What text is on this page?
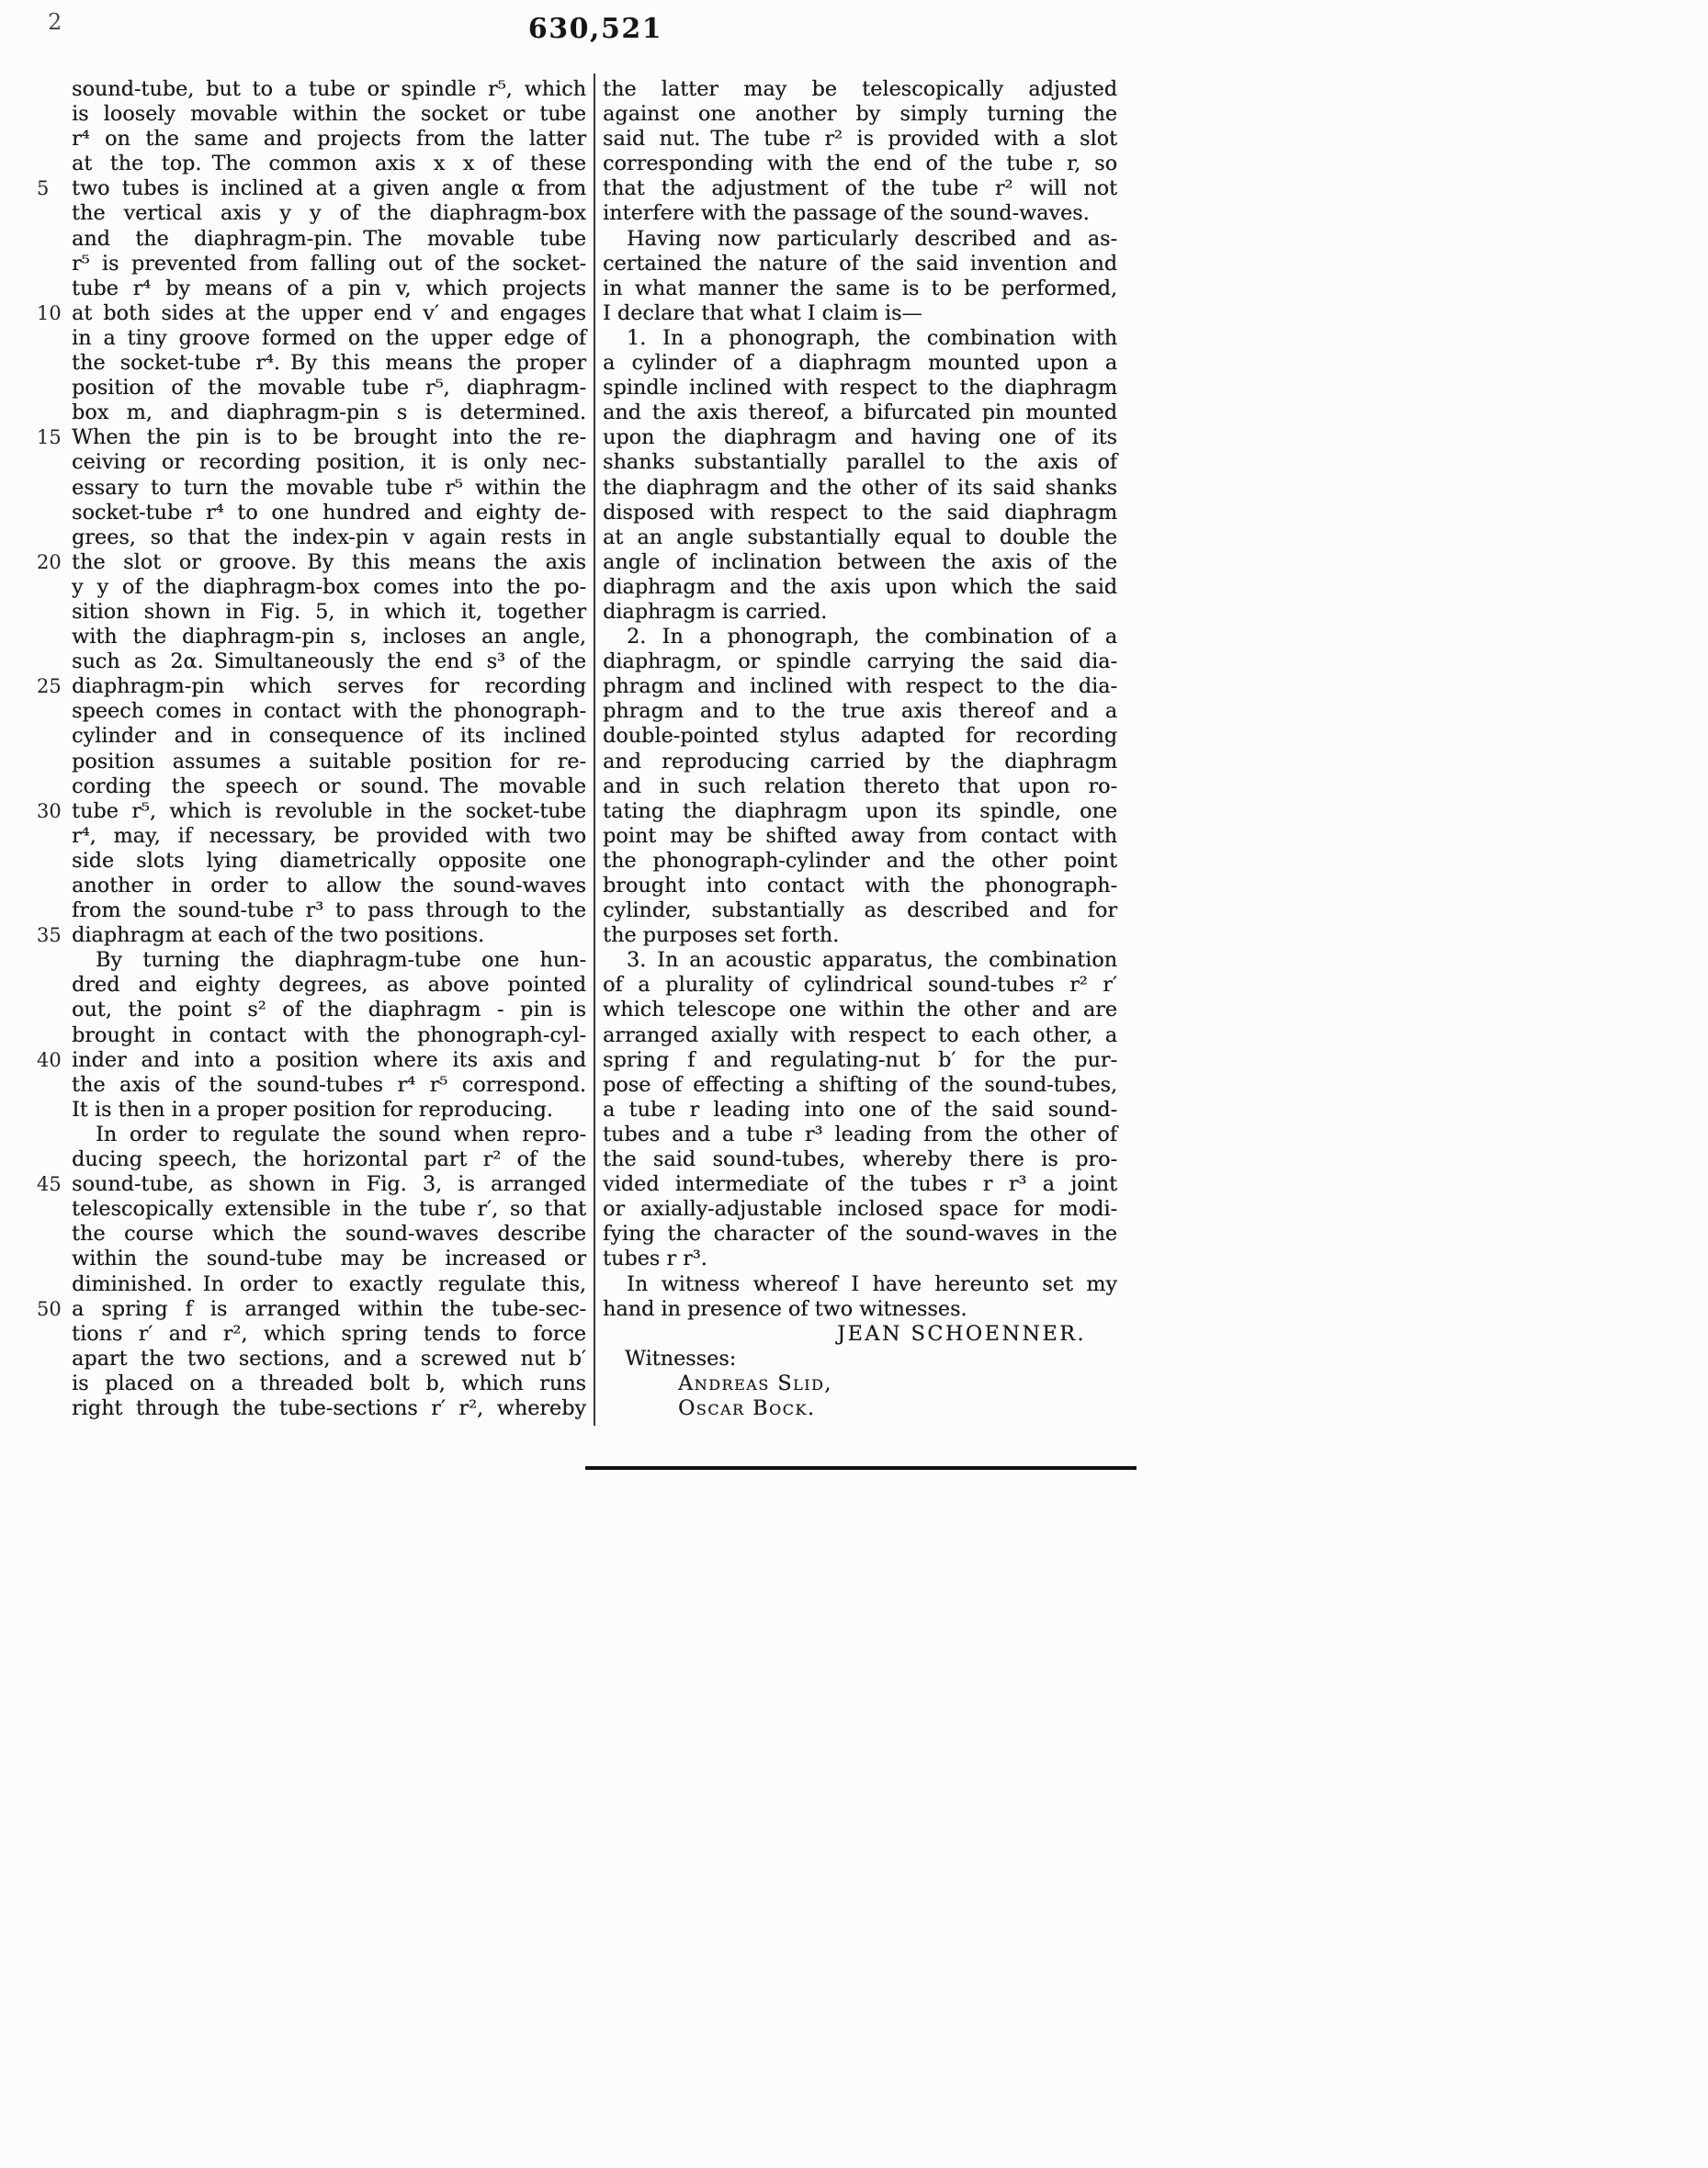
2	630,521
sound-tube, but to a tube or spindle r⁵, which
is loosely movable within the socket or tube
r⁴ on the same and projects from the latter
at the top. The common axis x x of these
5	two tubes is inclined at a given angle α from
the vertical axis y y of the diaphragm-box
and the diaphragm-pin. The movable tube
r⁵ is prevented from falling out of the socket-
tube r⁴ by means of a pin v, which projects
10 at both sides at the upper end v′ and engages
in a tiny groove formed on the upper edge of
the socket-tube r⁴. By this means the proper
position of the movable tube r⁵, diaphragm-
box m, and diaphragm-pin s is determined.
15 When the pin is to be brought into the re-
ceiving or recording position, it is only nec-
essary to turn the movable tube r⁵ within the
socket-tube r⁴ to one hundred and eighty de-
grees, so that the index-pin v again rests in
20 the slot or groove. By this means the axis
y y of the diaphragm-box comes into the po-
sition shown in Fig. 5, in which it, together
with the diaphragm-pin s, incloses an angle,
such as 2α. Simultaneously the end s³ of the
25 diaphragm-pin which serves for recording
speech comes in contact with the phonograph-
cylinder and in consequence of its inclined
position assumes a suitable position for re-
cording the speech or sound. The movable
30 tube r⁵, which is revoluble in the socket-tube
r⁴, may, if necessary, be provided with two
side slots lying diametrically opposite one
another in order to allow the sound-waves
from the sound-tube r³ to pass through to the
35 diaphragm at each of the two positions.
By turning the diaphragm-tube one hun-
dred and eighty degrees, as above pointed
out, the point s² of the diaphragm - pin is
brought in contact with the phonograph-cyl-
40 inder and into a position where its axis and
the axis of the sound-tubes r⁴ r⁵ correspond.
It is then in a proper position for reproducing.
In order to regulate the sound when repro-
ducing speech, the horizontal part r² of the
45 sound-tube, as shown in Fig. 3, is arranged
telescopically extensible in the tube r′, so that
the course which the sound-waves describe
within the sound-tube may be increased or
diminished. In order to exactly regulate this,
50 a spring f is arranged within the tube-sec-
tions r′ and r², which spring tends to force
apart the two sections, and a screwed nut b′
is placed on a threaded bolt b, which runs
right through the tube-sections r′ r², whereby
the latter may be telescopically adjusted
against one another by simply turning the
said nut. The tube r² is provided with a slot
corresponding with the end of the tube r, so
that the adjustment of the tube r² will not
interfere with the passage of the sound-waves.
Having now particularly described and as-
certained the nature of the said invention and
in what manner the same is to be performed,
I declare that what I claim is—
1. In a phonograph, the combination with
a cylinder of a diaphragm mounted upon a
spindle inclined with respect to the diaphragm
and the axis thereof, a bifurcated pin mounted
upon the diaphragm and having one of its
shanks substantially parallel to the axis of
the diaphragm and the other of its said shanks
disposed with respect to the said diaphragm
at an angle substantially equal to double the
angle of inclination between the axis of the
diaphragm and the axis upon which the said
diaphragm is carried.
2. In a phonograph, the combination of a
diaphragm, or spindle carrying the said dia-
phragm and inclined with respect to the dia-
phragm and to the true axis thereof and a
double-pointed stylus adapted for recording
and reproducing carried by the diaphragm
and in such relation thereto that upon ro-
tating the diaphragm upon its spindle, one
point may be shifted away from contact with
the phonograph-cylinder and the other point
brought into contact with the phonograph-
cylinder, substantially as described and for
the purposes set forth.
3. In an acoustic apparatus, the combination
of a plurality of cylindrical sound-tubes r² r′
which telescope one within the other and are
arranged axially with respect to each other, a
spring f and regulating-nut b′ for the pur-
pose of effecting a shifting of the sound-tubes,
a tube r leading into one of the said sound-
tubes and a tube r³ leading from the other of
the said sound-tubes, whereby there is pro-
vided intermediate of the tubes r r³ a joint
or axially-adjustable inclosed space for modi-
fying the character of the sound-waves in the
tubes r r³.
In witness whereof I have hereunto set my
hand in presence of two witnesses.
JEAN SCHOENNER.
Witnesses:
Andreas Slid,
Oscar Bock.
